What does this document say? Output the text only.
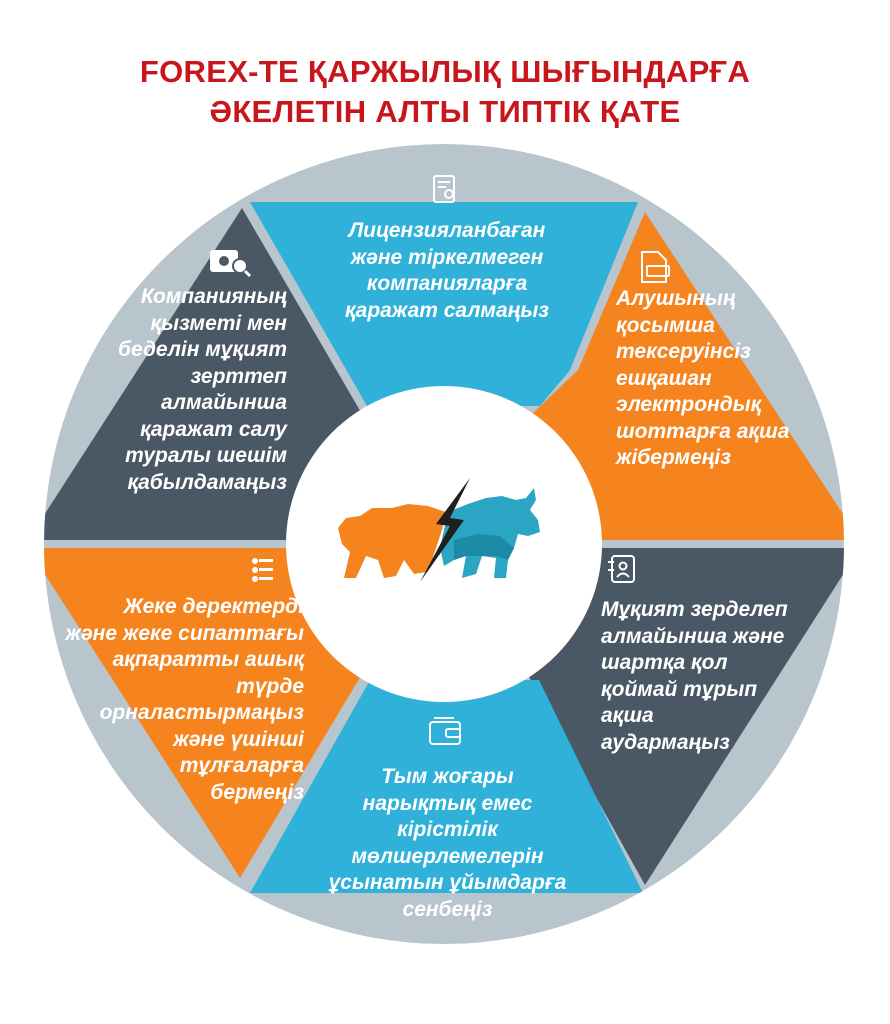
FOREX-ТЕ ҚАРЖЫЛЫҚ ШЫҒЫНДАРҒА
ӘКЕЛЕТІН АЛТЫ ТИПТІК ҚАТЕ
Лицензияланбаған
және тіркелмеген
компанияларға
қаражат салмаңыз	Алушының
қосымша
тексеруінсіз
ешқашан
электрондық
шоттарға ақша
жібермеңіз
Мұқият зерделеп
алмайынша және
шартқа қол
қоймай тұрып
ақша
аудармаңыз
Тым жоғары
нарықтық емес
кірістілік
мөлшерлемелерін
ұсынатын ұйымдарға
сенбеңіз
Жеке деректерді
және жеке сипаттағы
ақпаратты ашық
түрде
орналастырмаңыз
және үшінші
тұлғаларға
бермеңіз
Компанияның
қызметі мен
беделін мұқият
зерттеп
алмайынша
қаражат салу
туралы шешім
қабылдамаңыз
